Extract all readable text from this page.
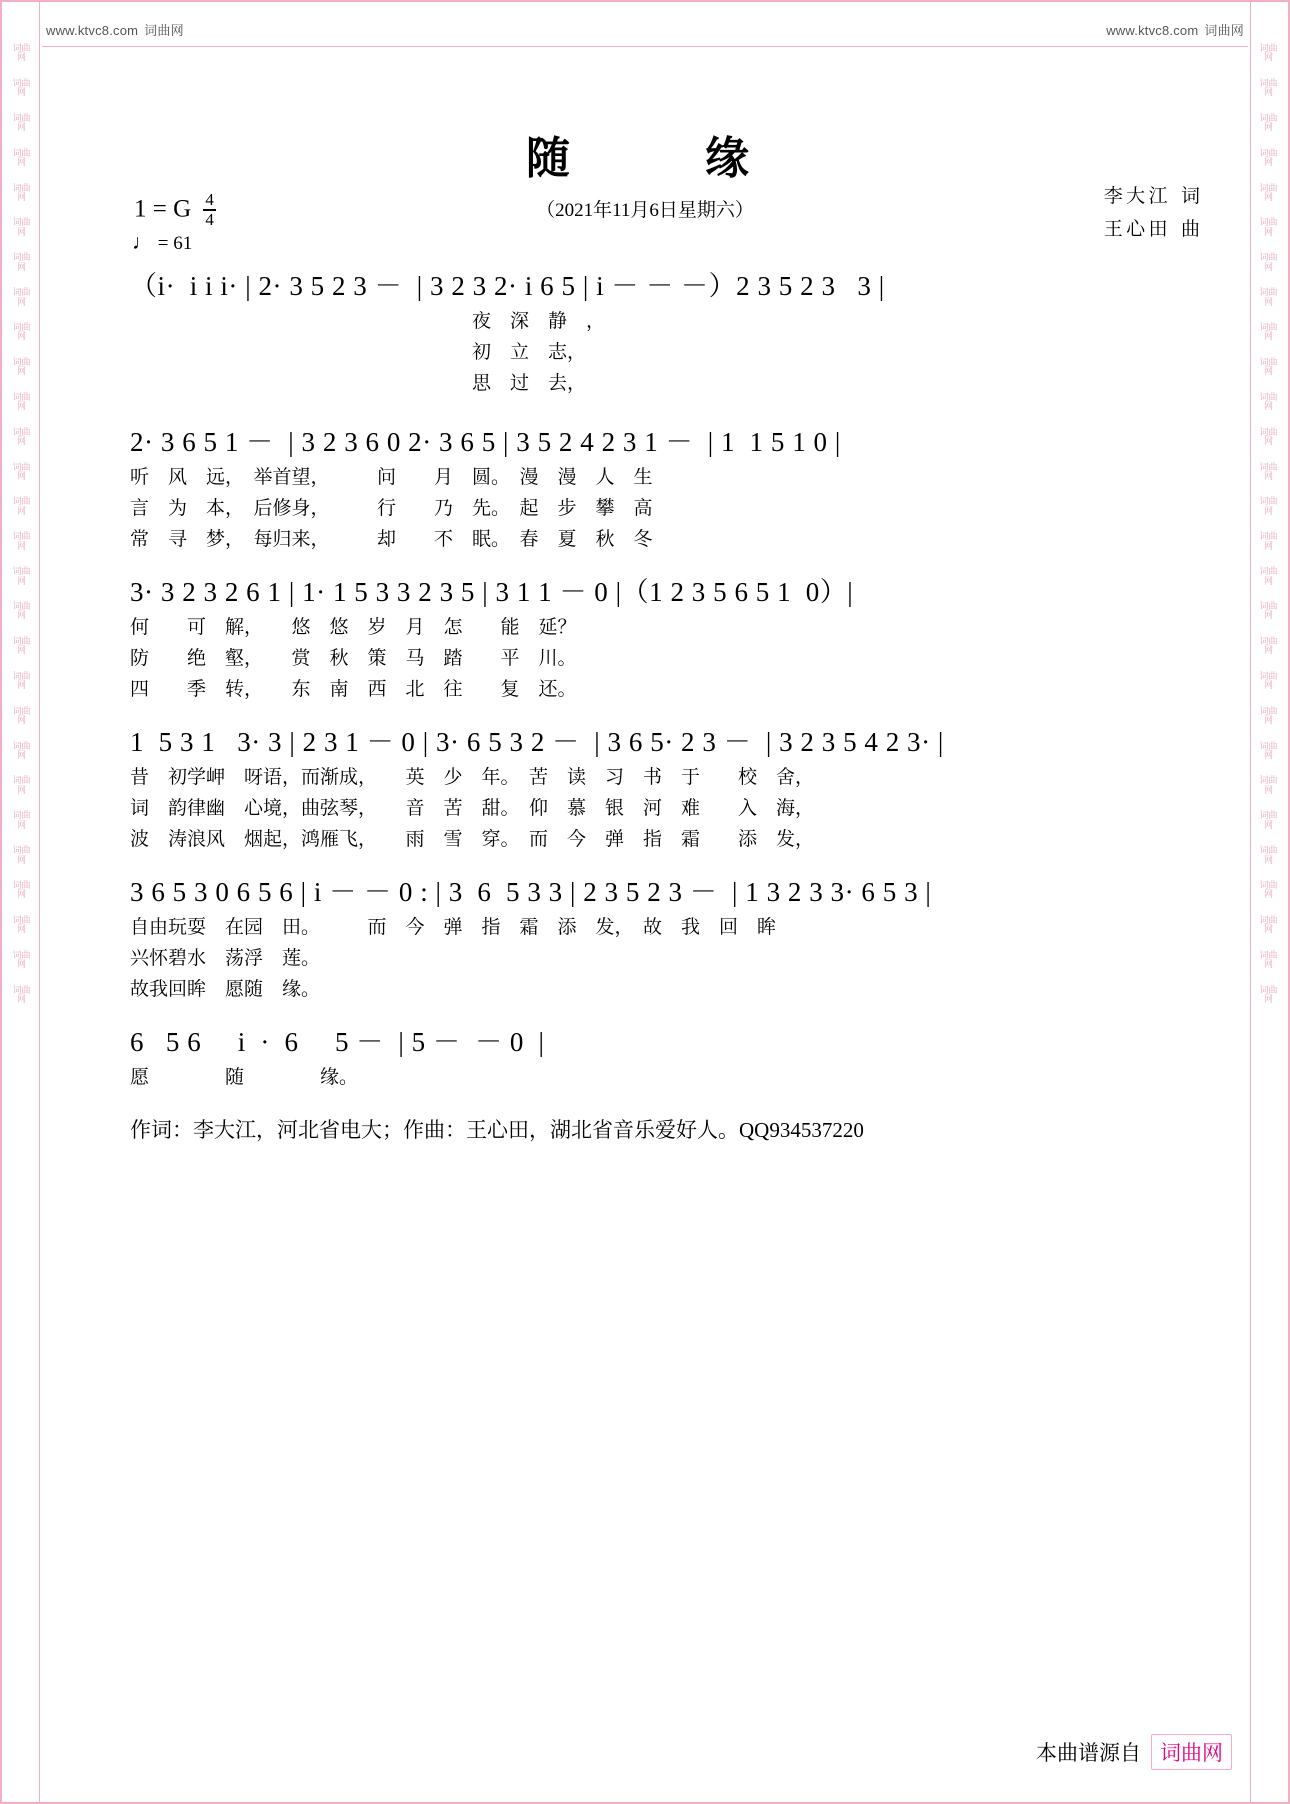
词曲网
词曲网
词曲网
词曲网
词曲网
词曲网
词曲网
词曲网
词曲网
词曲网
词曲网
词曲网
词曲网
词曲网
词曲网
词曲网
词曲网
词曲网
词曲网
词曲网
词曲网
词曲网
词曲网
词曲网
词曲网
词曲网
词曲网
词曲网
词曲网
词曲网
词曲网
词曲网
词曲网
词曲网
词曲网
词曲网
词曲网
词曲网
词曲网
词曲网
词曲网
词曲网
词曲网
词曲网
词曲网
词曲网
词曲网
词曲网
词曲网
词曲网
词曲网
词曲网
词曲网
词曲网
词曲网
词曲网
www.ktvc8.com 词曲网	www.ktvc8.com 词曲网
随	缘
（2021年11月6日星期六）
李大江 词
王心田 曲
1 = G $\frac{4}{4}$
♩ = 61
（i·  i i i· | 2· 3 5 2 3 －  | 3 2 3 2· i 6 5 | i － － －）2 3 5 2 3   3 |
夜　深　静　，
初　立　志，
思　过　去，
2· 3 6 5 1 －  | 3 2 3 6 0 2· 3 6 5 | 3 5 2 4 2 3 1 －  | 1  1 5 1 0 |
听　风　远，　举首望，　　　问　　月　圆。　漫　漫　人　生
言　为　本，　后修身，　　　行　　乃　先。　起　步　攀　高
常　寻　梦，　每归来，　　　却　　不　眠。　春　夏　秋　冬
3· 3 2 3 2 6 1 | 1· 1 5 3 3 2 3 5 | 3 1 1 － 0 |（1 2 3 5 6 5 1  0）|
何　　可　解，　　悠　悠　岁　月　怎　　能　延？
防　　绝　壑，　　赏　秋　策　马　踏　　平　川。
四　　季　转，　　东　南　西　北　往　　复　还。
1  5 3 1   3· 3 | 2 3 1 － 0 | 3· 6 5 3 2 －  | 3 6 5· 2 3 －  | 3 2 3 5 4 2 3· |
昔　初学岬　呀语，而渐成，　　英　少　年。　苦　读　习　书　于　　校　舍，
词　韵律幽　心境，曲弦琴，　　音　苦　甜。　仰　慕　银　河　难　　入　海，
波　涛浪风　烟起，鸿雁飞，　　雨　雪　穿。　而　今　弹　指　霜　　添　发，
3 6 5 3 0 6 5 6 | i － － 0 : | 3  6  5 3 3 | 2 3 5 2 3 －  | 1 3 2 3 3· 6 5 3 |
自由玩耍　在园　田。　　　而　今　弹　指　霜　添　发，　故　我　回　眸
兴怀碧水　荡浮　莲。
故我回眸　愿随　缘。
6   5 6     i  ·  6     5 －  | 5 －  － 0  |
愿　　　　随　　　　缘。
作词：李大江，河北省电大；作曲：王心田，湖北省音乐爱好人。QQ934537220
本曲谱源自 词曲网
